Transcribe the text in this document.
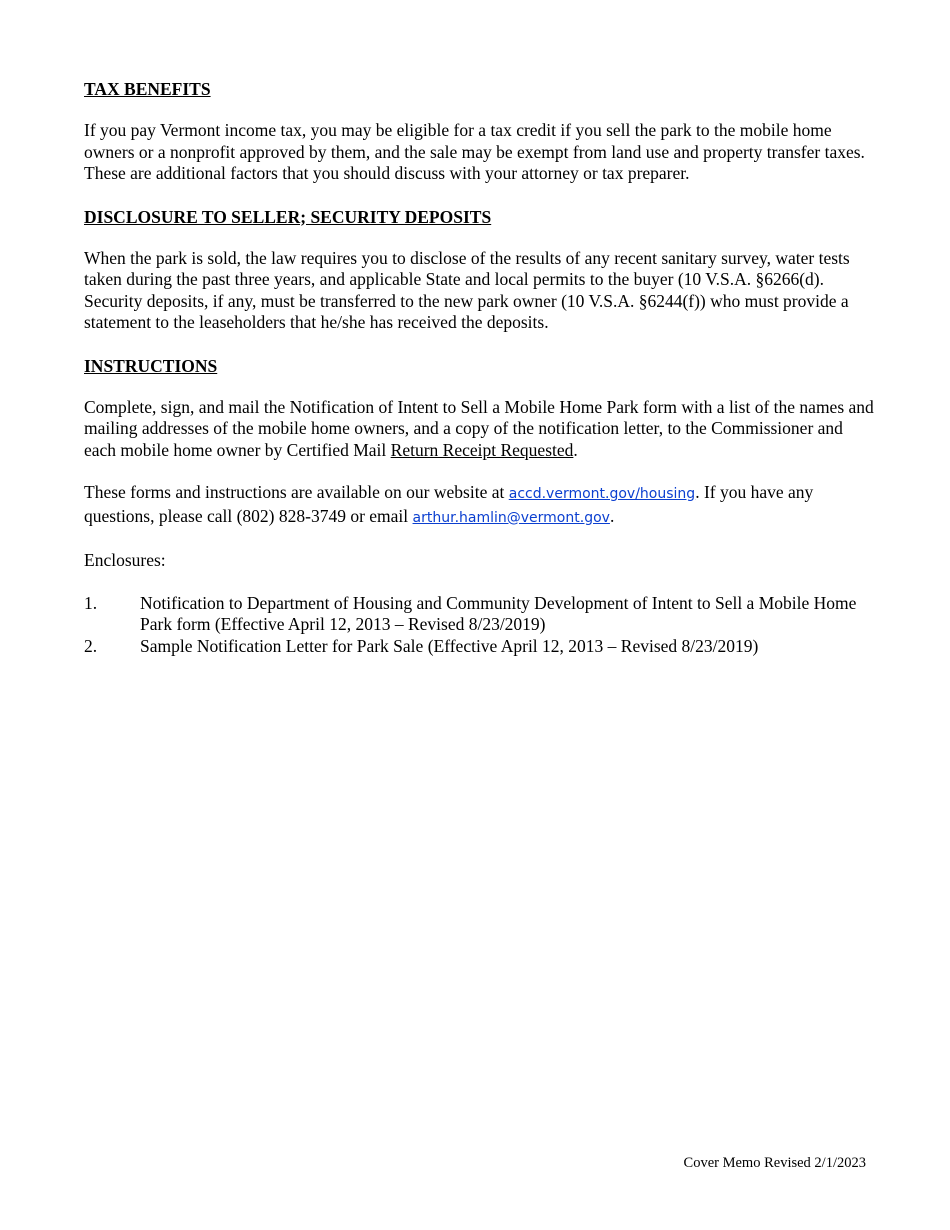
TAX BENEFITS

If you pay Vermont income tax, you may be eligible for a tax credit if you sell the park to the mobile home owners or a nonprofit approved by them, and the sale may be exempt from land use and property transfer taxes. These are additional factors that you should discuss with your attorney or tax preparer.

DISCLOSURE TO SELLER; SECURITY DEPOSITS

When the park is sold, the law requires you to disclose of the results of any recent sanitary survey, water tests taken during the past three years, and applicable State and local permits to the buyer (10 V.S.A. §6266(d). Security deposits, if any, must be transferred to the new park owner (10 V.S.A. §6244(f)) who must provide a statement to the leaseholders that he/she has received the deposits.

INSTRUCTIONS

Complete, sign, and mail the Notification of Intent to Sell a Mobile Home Park form with a list of the names and mailing addresses of the mobile home owners, and a copy of the notification letter, to the Commissioner and each mobile home owner by Certified Mail Return Receipt Requested.

These forms and instructions are available on our website at accd.vermont.gov/housing. If you have any questions, please call (802) 828-3749 or email arthur.hamlin@vermont.gov.

Enclosures:

1.	Notification to Department of Housing and Community Development of Intent to Sell a Mobile Home Park form (Effective April 12, 2013 – Revised 8/23/2019)
2.	Sample Notification Letter for Park Sale (Effective April 12, 2013 – Revised 8/23/2019)
Cover Memo Revised 2/1/2023
